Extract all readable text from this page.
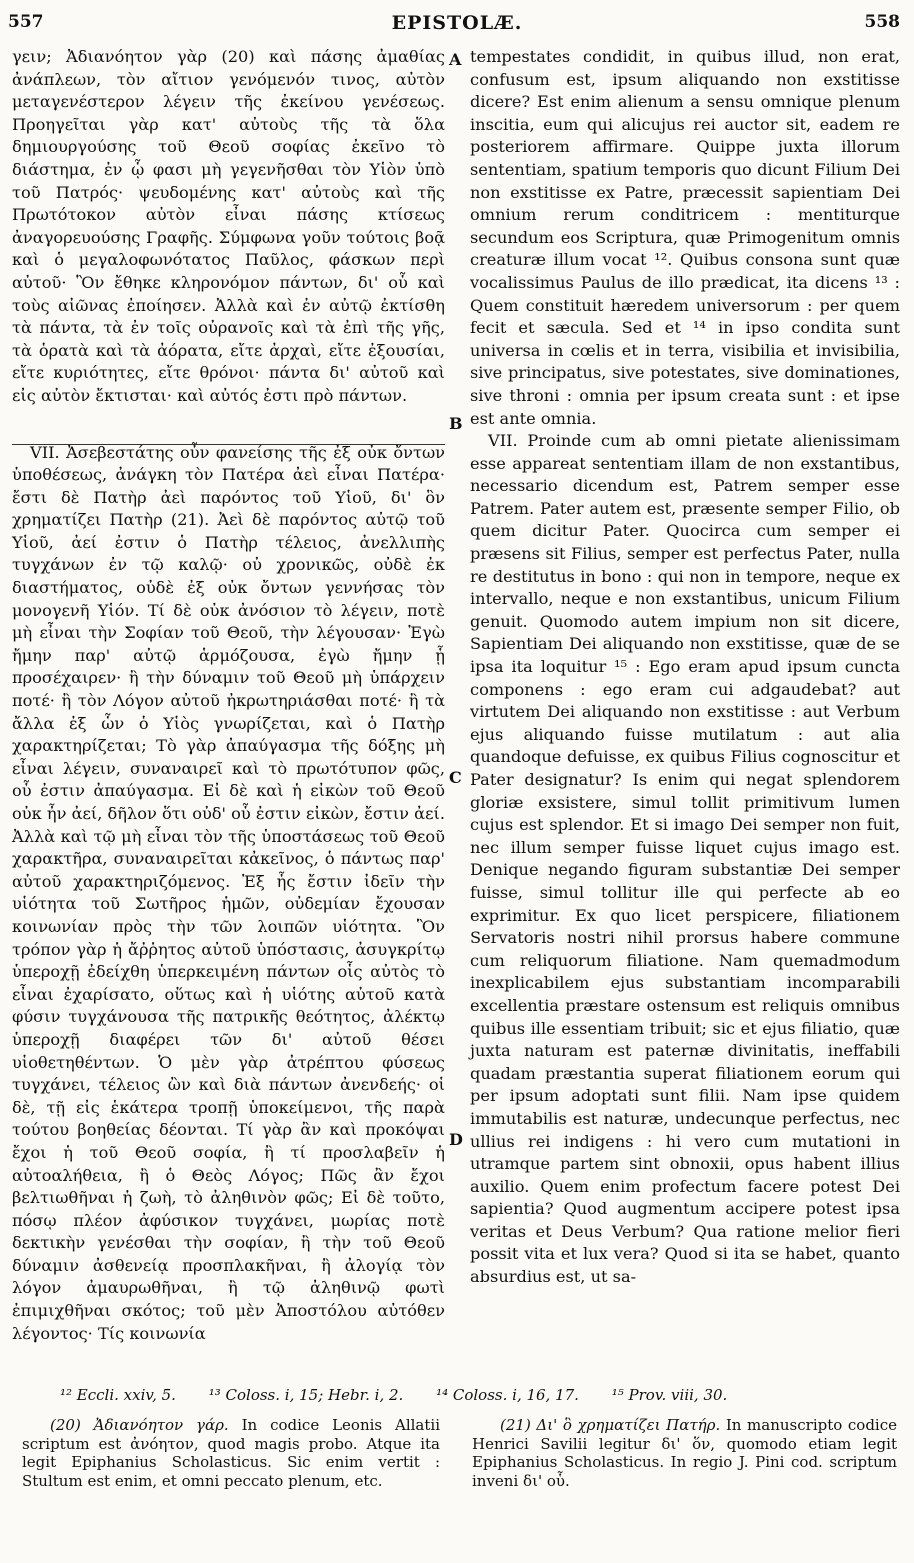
557	EPISTOLÆ.	558

γειν; Ἀδιανόητον γὰρ (20) καὶ πάσης ἀμαθίας ἀνάπλεων, τὸν αἴτιον γενόμενόν τινος, αὐτὸν μεταγενέστερον λέγειν τῆς ἐκείνου γενέσεως. Προηγεῖται γὰρ κατ' αὐτοὺς τῆς τὰ ὅλα δημιουργούσης τοῦ Θεοῦ σοφίας ἐκεῖνο τὸ διάστημα, ἐν ᾧ φασι μὴ γεγενῆσθαι τὸν Υἱὸν ὑπὸ τοῦ Πατρός· ψευδομένης κατ' αὐτοὺς καὶ τῆς Πρωτότοκον αὐτὸν εἶναι πάσης κτίσεως ἀναγορευούσης Γραφῆς. Σύμφωνα γοῦν τούτοις βοᾷ καὶ ὁ μεγαλοφωνότατος Παῦλος, φάσκων περὶ αὐτοῦ· Ὃν ἔθηκε κληρονόμον πάντων, δι' οὗ καὶ τοὺς αἰῶνας ἐποίησεν. Ἀλλὰ καὶ ἐν αὐτῷ ἐκτίσθη τὰ πάντα, τὰ ἐν τοῖς οὐρανοῖς καὶ τὰ ἐπὶ τῆς γῆς, τὰ ὁρατὰ καὶ τὰ ἀόρατα, εἴτε ἀρχαὶ, εἴτε ἐξουσίαι, εἴτε κυριότητες, εἴτε θρόνοι· πάντα δι' αὐτοῦ καὶ εἰς αὐτὸν ἔκτισται· καὶ αὐτός ἐστι πρὸ πάντων.

VII. Ἀσεβεστάτης οὖν φανείσης τῆς ἐξ οὐκ ὄντων ὑποθέσεως, ἀνάγκη τὸν Πατέρα ἀεὶ εἶναι Πατέρα· ἔστι δὲ Πατὴρ ἀεὶ παρόντος τοῦ Υἱοῦ, δι' ὃν χρηματίζει Πατὴρ (21). Ἀεὶ δὲ παρόντος αὐτῷ τοῦ Υἱοῦ, ἀεί ἐστιν ὁ Πατὴρ τέλειος, ἀνελλιπὴς τυγχάνων ἐν τῷ καλῷ· οὐ χρονικῶς, οὐδὲ ἐκ διαστήματος, οὐδὲ ἐξ οὐκ ὄντων γεννήσας τὸν μονογενῆ Υἱόν. Τί δὲ οὐκ ἀνόσιον τὸ λέγειν, ποτὲ μὴ εἶναι τὴν Σοφίαν τοῦ Θεοῦ, τὴν λέγουσαν· Ἐγὼ ἤμην παρ' αὐτῷ ἁρμόζουσα, ἐγὼ ἤμην ᾗ προσέχαιρεν· ἢ τὴν δύναμιν τοῦ Θεοῦ μὴ ὑπάρχειν ποτέ· ἢ τὸν Λόγον αὐτοῦ ἠκρωτηριάσθαι ποτέ· ἢ τὰ ἄλλα ἐξ ὧν ὁ Υἱὸς γνωρίζεται, καὶ ὁ Πατὴρ χαρακτηρίζεται; Τὸ γὰρ ἀπαύγασμα τῆς δόξης μὴ εἶναι λέγειν, συναναιρεῖ καὶ τὸ πρωτότυπον φῶς, οὗ ἐστιν ἀπαύγασμα. Εἰ δὲ καὶ ἡ εἰκὼν τοῦ Θεοῦ οὐκ ἦν ἀεί, δῆλον ὅτι οὐδ' οὗ ἐστιν εἰκὼν, ἔστιν ἀεί. Ἀλλὰ καὶ τῷ μὴ εἶναι τὸν τῆς ὑποστάσεως τοῦ Θεοῦ χαρακτῆρα, συναναιρεῖται κἀκεῖνος, ὁ πάντως παρ' αὐτοῦ χαρακτηριζόμενος. Ἐξ ἧς ἔστιν ἰδεῖν τὴν υἱότητα τοῦ Σωτῆρος ἡμῶν, οὐδεμίαν ἔχουσαν κοινωνίαν πρὸς τὴν τῶν λοιπῶν υἱότητα. Ὃν τρόπον γὰρ ἡ ἄῤῥητος αὐτοῦ ὑπόστασις, ἀσυγκρίτῳ ὑπεροχῇ ἐδείχθη ὑπερκειμένη πάντων οἷς αὐτὸς τὸ εἶναι ἐχαρίσατο, οὕτως καὶ ἡ υἱότης αὐτοῦ κατὰ φύσιν τυγχάνουσα τῆς πατρικῆς θεότητος, ἀλέκτῳ ὑπεροχῇ διαφέρει τῶν δι' αὐτοῦ θέσει υἱοθετηθέντων. Ὁ μὲν γὰρ ἀτρέπτου φύσεως τυγχάνει, τέλειος ὢν καὶ διὰ πάντων ἀνενδεής· οἱ δὲ, τῇ εἰς ἑκάτερα τροπῇ ὑποκείμενοι, τῆς παρὰ τούτου βοηθείας δέονται. Τί γὰρ ἂν καὶ προκόψαι ἔχοι ἡ τοῦ Θεοῦ σοφία, ἢ τί προσλαβεῖν ἡ αὐτοαλήθεια, ἢ ὁ Θεὸς Λόγος; Πῶς ἂν ἔχοι βελτιωθῆναι ἡ ζωὴ, τὸ ἀληθινὸν φῶς; Εἰ δὲ τοῦτο, πόσῳ πλέον ἀφύσικον τυγχάνει, μωρίας ποτὲ δεκτικὴν γενέσθαι τὴν σοφίαν, ἢ τὴν τοῦ Θεοῦ δύναμιν ἀσθενείᾳ προσπλακῆναι, ἢ ἀλογίᾳ τὸν λόγον ἀμαυρωθῆναι, ἢ τῷ ἀληθινῷ φωτὶ ἐπιμιχθῆναι σκότος; τοῦ μὲν Ἀποστόλου αὐτόθεν λέγοντος· Τίς κοινωνία

tempestates condidit, in quibus illud, non erat, confusum est, ipsum aliquando non exstitisse dicere? Est enim alienum a sensu omnique plenum inscitia, eum qui alicujus rei auctor sit, eadem re posteriorem affirmare. Quippe juxta illorum sententiam, spatium temporis quo dicunt Filium Dei non exstitisse ex Patre, præcessit sapientiam Dei omnium rerum conditricem : mentiturque secundum eos Scriptura, quæ Primogenitum omnis creaturæ illum vocat ¹². Quibus consona sunt quæ vocalissimus Paulus de illo prædicat, ita dicens ¹³ : Quem constituit hæredem universorum : per quem fecit et sæcula. Sed et ¹⁴ in ipso condita sunt universa in cœlis et in terra, visibilia et invisibilia, sive principatus, sive potestates, sive dominationes, sive throni : omnia per ipsum creata sunt : et ipse est ante omnia.

VII. Proinde cum ab omni pietate alienissimam esse appareat sententiam illam de non exstantibus, necessario dicendum est, Patrem semper esse Patrem. Pater autem est, præsente semper Filio, ob quem dicitur Pater. Quocirca cum semper ei præsens sit Filius, semper est perfectus Pater, nulla re destitutus in bono : qui non in tempore, neque ex intervallo, neque e non exstantibus, unicum Filium genuit. Quomodo autem impium non sit dicere, Sapientiam Dei aliquando non exstitisse, quæ de se ipsa ita loquitur ¹⁵ : Ego eram apud ipsum cuncta componens : ego eram cui adgaudebat? aut virtutem Dei aliquando non exstitisse : aut Verbum ejus aliquando fuisse mutilatum : aut alia quandoque defuisse, ex quibus Filius cognoscitur et Pater designatur? Is enim qui negat splendorem gloriæ exsistere, simul tollit primitivum lumen cujus est splendor. Et si imago Dei semper non fuit, nec illum semper fuisse liquet cujus imago est. Denique negando figuram substantiæ Dei semper fuisse, simul tollitur ille qui perfecte ab eo exprimitur. Ex quo licet perspicere, filiationem Servatoris nostri nihil prorsus habere commune cum reliquorum filiatione. Nam quemadmodum inexplicabilem ejus substantiam incomparabili excellentia præstare ostensum est reliquis omnibus quibus ille essentiam tribuit; sic et ejus filiatio, quæ juxta naturam est paternæ divinitatis, ineffabili quadam præstantia superat filiationem eorum qui per ipsum adoptati sunt filii. Nam ipse quidem immutabilis est naturæ, undecunque perfectus, nec ullius rei indigens : hi vero cum mutationi in utramque partem sint obnoxii, opus habent illius auxilio. Quem enim profectum facere potest Dei sapientia? Quod augmentum accipere potest ipsa veritas et Deus Verbum? Qua ratione melior fieri possit vita et lux vera? Quod si ita se habet, quanto absurdius est, ut sa-

A
B
C
D
¹² Eccli. xxiv, 5. ¹³ Coloss. i, 15; Hebr. i, 2. ¹⁴ Coloss. i, 16, 17. ¹⁵ Prov. viii, 30.
(20) Ἀδιανόητον γάρ. In codice Leonis Allatii scriptum est ἀνόητον, quod magis probo. Atque ita legit Epiphanius Scholasticus. Sic enim vertit : Stultum est enim, et omni peccato plenum, etc.
(21) Δι' ὃ χρηματίζει Πατήρ. In manuscripto codice Henrici Savilii legitur δι' ὅν, quomodo etiam legit Epiphanius Scholasticus. In regio J. Pini cod. scriptum inveni δι' οὗ.
